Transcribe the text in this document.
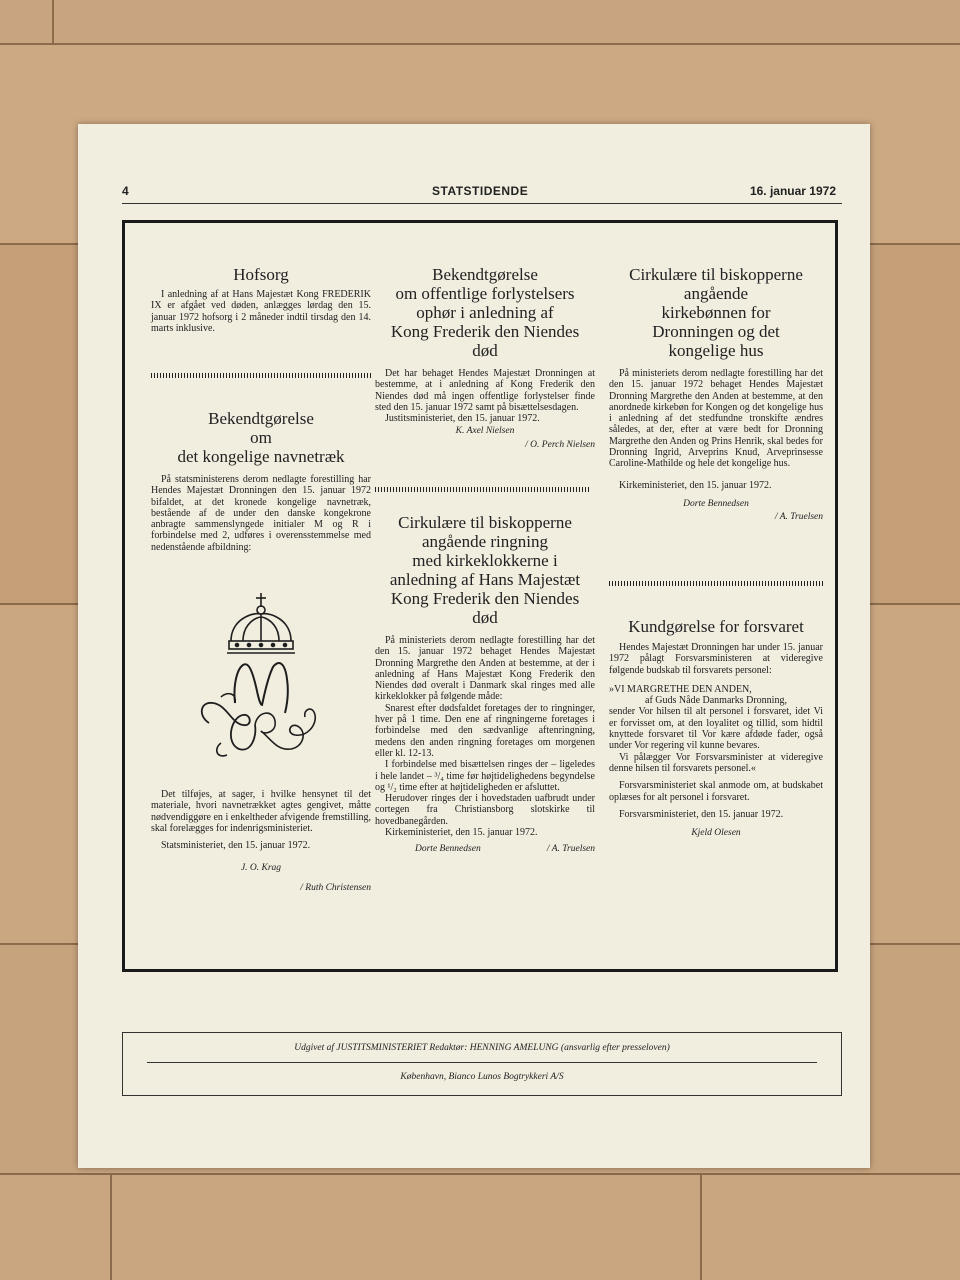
4	STATSTIDENDE	16. januar 1972
Hofsorg

I anledning af at Hans Majestæt Kong FREDERIK IX er afgået ved døden, anlægges lørdag den 15. januar 1972 hofsorg i 2 måneder indtil tirsdag den 14. marts inklusive.

Bekendtgørelse
om
det kongelige navnetræk

På statsministerens derom nedlagte forestilling har Hendes Majestæt Dronningen den 15. januar 1972 bifaldet, at det kronede kongelige navnetræk, bestående af de under den danske kongekrone anbragte sammenslyngede initialer M og R i forbindelse med 2, udføres i overensstemmelse med nedenstående afbildning:

Det tilføjes, at sager, i hvilke hensynet til det materiale, hvori navnetrækket agtes gengivet, måtte nødvendiggøre en i enkeltheder afvigende fremstilling, skal forelægges for indenrigsministeriet.

Statsministeriet, den 15. januar 1972.

J. O. Krag
/ Ruth Christensen
Bekendtgørelse
om offentlige forlystelsers
ophør i anledning af
Kong Frederik den Niendes
død

Det har behaget Hendes Majestæt Dronningen at bestemme, at i anledning af Kong Frederik den Niendes død må ingen offentlige forlystelser finde sted den 15. januar 1972 samt på bisættelsesdagen.

Justitsministeriet, den 15. januar 1972.

K. Axel Nielsen
/ O. Perch Nielsen
Cirkulære til biskopperne
angående ringning
med kirkeklokkerne i
anledning af Hans Majestæt
Kong Frederik den Niendes
død

På ministeriets derom nedlagte forestilling har det den 15. januar 1972 behaget Hendes Majestæt Dronning Margrethe den Anden at bestemme, at der i anledning af Hans Majestæt Kong Frederik den Niendes død overalt i Danmark skal ringes med alle kirkeklokker på følgende måde:

Snarest efter dødsfaldet foretages der to ringninger, hver på 1 time. Den ene af ringningerne foretages i forbindelse med den sædvanlige aftenringning, medens den anden ringning foretages om morgenen eller kl. 12-13.

I forbindelse med bisættelsen ringes der – ligeledes i hele landet – ³/₄ time før højtidelighedens begyndelse og ¹/₂ time efter at højtideligheden er afsluttet.

Herudover ringes der i hovedstaden uafbrudt under cortegen fra Christiansborg slotskirke til hovedbanegården.

Kirkeministeriet, den 15. januar 1972.

Dorte Bennedsen	/ A. Truelsen
Cirkulære til biskopperne
angående
kirkebønnen for
Dronningen og det
kongelige hus

På ministeriets derom nedlagte forestilling har det den 15. januar 1972 behaget Hendes Majestæt Dronning Margrethe den Anden at bestemme, at den anordnede kirkebøn for Kongen og det kongelige hus i anledning af det stedfundne tronskifte ændres således, at der, efter at være bedt for Dronning Margrethe den Anden og Prins Henrik, skal bedes for Dronning Ingrid, Arveprins Knud, Arveprinsesse Caroline-Mathilde og hele det kongelige hus.

Kirkeministeriet, den 15. januar 1972.

Dorte Bennedsen
/ A. Truelsen
Kundgørelse for forsvaret

Hendes Majestæt Dronningen har under 15. januar 1972 pålagt Forsvarsministeren at videregive følgende budskab til forsvarets personel:

»VI MARGRETHE DEN ANDEN,
af Guds Nåde Danmarks Dronning,

sender Vor hilsen til alt personel i forsvaret, idet Vi er forvisset om, at den loyalitet og tillid, som hidtil knyttede forsvaret til Vor kære afdøde fader, også under Vor regering vil kunne bevares.

Vi pålægger Vor Forsvarsminister at videregive denne hilsen til forsvarets personel.«

Forsvarsministeriet skal anmode om, at budskabet oplæses for alt personel i forsvaret.

Forsvarsministeriet, den 15. januar 1972.

Kjeld Olesen
Udgivet af JUSTITSMINISTERIET Redaktør: HENNING AMELUNG (ansvarlig efter presseloven)
København, Bianco Lunos Bogtrykkeri A/S
